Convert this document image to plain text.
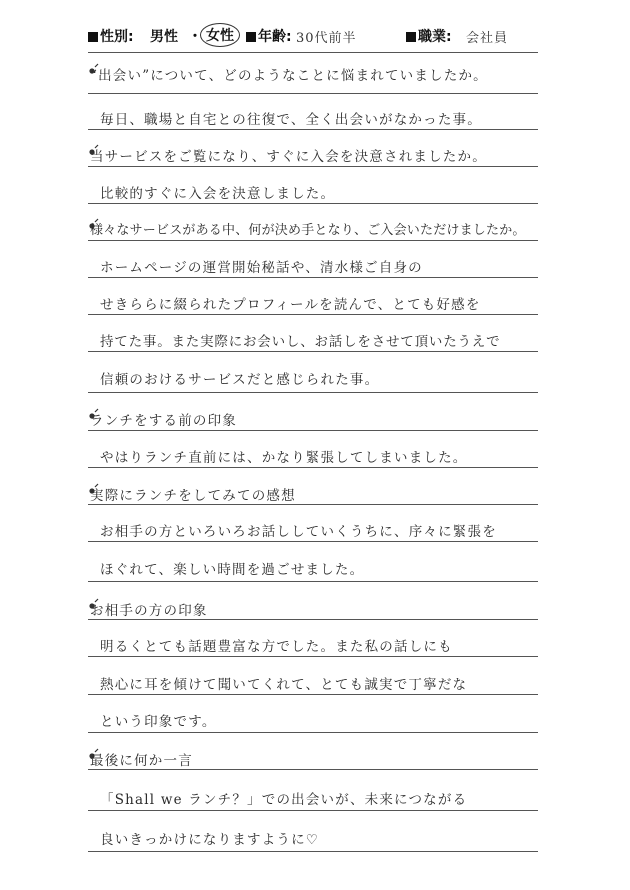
性別: 男性 ・ 女性	年齢: 30代前半	職業: 会社員
“出会い”について、どのようなことに悩まれていましたか。
毎日、職場と自宅との往復で、全く出会いがなかった事。
当サービスをご覧になり、すぐに入会を決意されましたか。
比較的すぐに入会を決意しました。
様々なサービスがある中、何が決め手となり、ご入会いただけましたか。
ホームページの運営開始秘話や、清水様ご自身の
せきららに綴られたプロフィールを読んで、とても好感を
持てた事。また実際にお会いし、お話しをさせて頂いたうえで
信頼のおけるサービスだと感じられた事。
ランチをする前の印象
やはりランチ直前には、かなり緊張してしまいました。
実際にランチをしてみての感想
お相手の方といろいろお話ししていくうちに、序々に緊張を
ほぐれて、楽しい時間を過ごせました。
お相手の方の印象
明るくとても話題豊富な方でした。また私の話しにも
熱心に耳を傾けて聞いてくれて、とても誠実で丁寧だな
という印象です。
最後に何か一言
「Shall we ランチ？」での出会いが、未来につながる
良いきっかけになりますように♡
